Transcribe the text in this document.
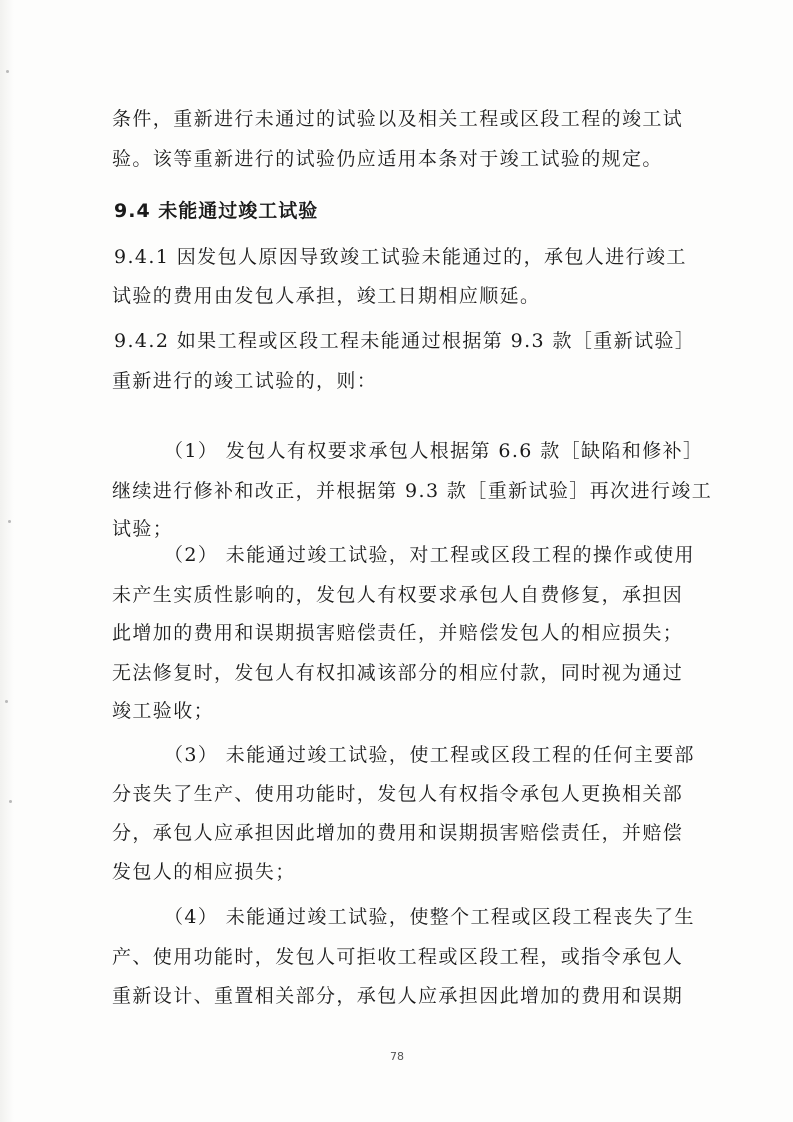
条件，重新进行未通过的试验以及相关工程或区段工程的竣工试
验。该等重新进行的试验仍应适用本条对于竣工试验的规定。
9.4 未能通过竣工试验
9.4.1 因发包人原因导致竣工试验未能通过的，承包人进行竣工
试验的费用由发包人承担，竣工日期相应顺延。
9.4.2 如果工程或区段工程未能通过根据第 9.3 款［重新试验］
重新进行的竣工试验的，则：
（1） 发包人有权要求承包人根据第 6.6 款［缺陷和修补］
继续进行修补和改正，并根据第 9.3 款［重新试验］再次进行竣工
试验；
（2） 未能通过竣工试验，对工程或区段工程的操作或使用
未产生实质性影响的，发包人有权要求承包人自费修复，承担因
此增加的费用和误期损害赔偿责任，并赔偿发包人的相应损失；
无法修复时，发包人有权扣减该部分的相应付款，同时视为通过
竣工验收；
（3） 未能通过竣工试验，使工程或区段工程的任何主要部
分丧失了生产、使用功能时，发包人有权指令承包人更换相关部
分，承包人应承担因此增加的费用和误期损害赔偿责任，并赔偿
发包人的相应损失；
（4） 未能通过竣工试验，使整个工程或区段工程丧失了生
产、使用功能时，发包人可拒收工程或区段工程，或指令承包人
重新设计、重置相关部分，承包人应承担因此增加的费用和误期
78
